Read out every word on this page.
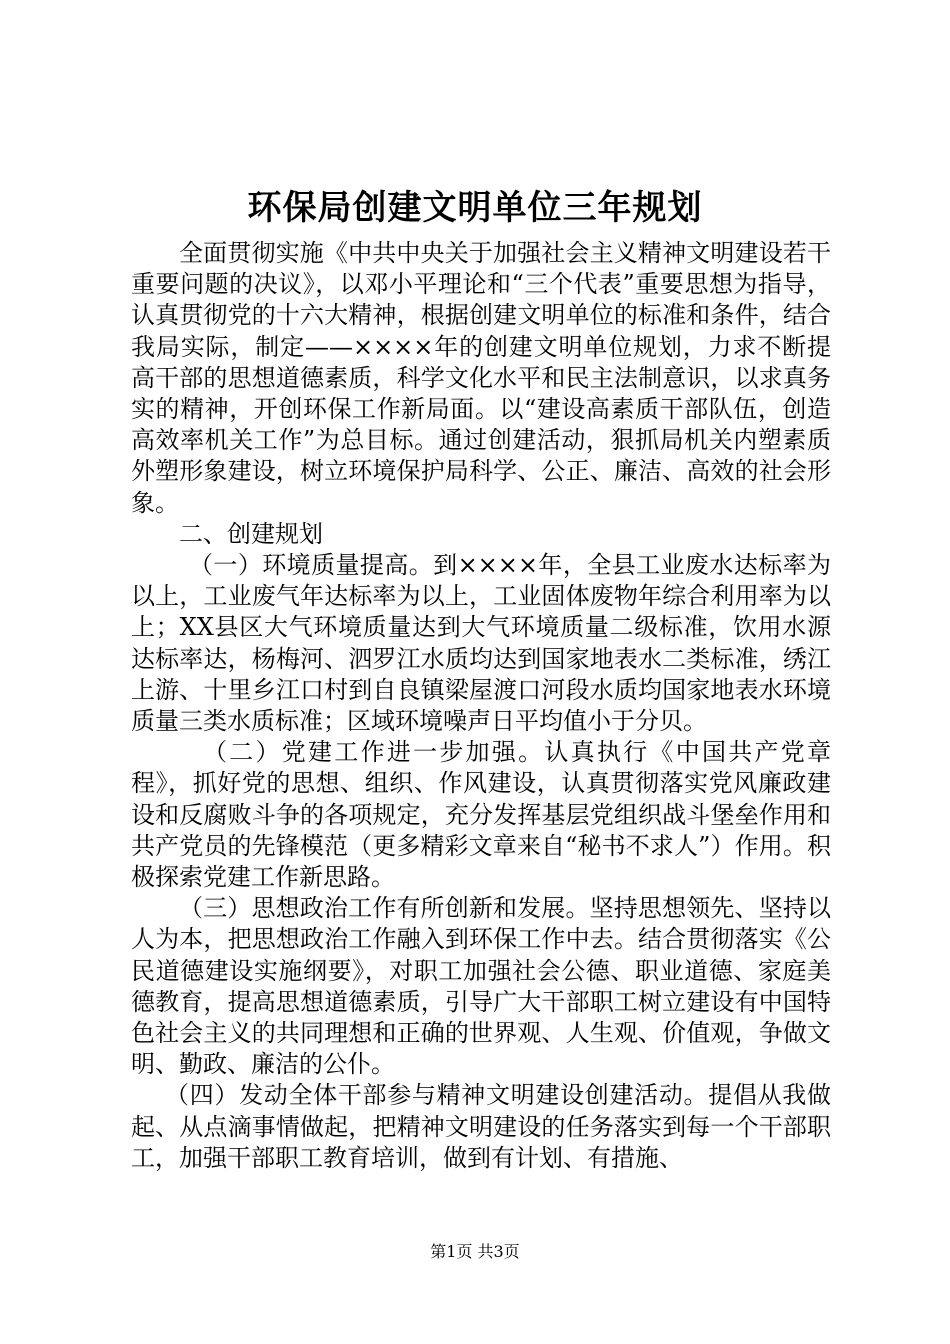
环保局创建文明单位三年规划

全面贯彻实施《中共中央关于加强社会主义精神文明建设若干重要问题的决议》，以邓小平理论和“三个代表”重要思想为指导，认真贯彻党的十六大精神，根据创建文明单位的标准和条件，结合我局实际，制定——××××年的创建文明单位规划，力求不断提高干部的思想道德素质，科学文化水平和民主法制意识，以求真务实的精神，开创环保工作新局面。以“建设高素质干部队伍，创造高效率机关工作”为总目标。通过创建活动，狠抓局机关内塑素质外塑形象建设，树立环境保护局科学、公正、廉洁、高效的社会形象。

二、创建规划

（一）环境质量提高。到××××年，全县工业废水达标率为以上，工业废气年达标率为以上，工业固体废物年综合利用率为以上；XX县区大气环境质量达到大气环境质量二级标准，饮用水源达标率达，杨梅河、泗罗江水质均达到国家地表水二类标准，绣江上游、十里乡江口村到自良镇梁屋渡口河段水质均国家地表水环境质量三类水质标准；区域环境噪声日平均值小于分贝。

（二）党建工作进一步加强。认真执行《中国共产党章程》，抓好党的思想、组织、作风建设，认真贯彻落实党风廉政建设和反腐败斗争的各项规定，充分发挥基层党组织战斗堡垒作用和共产党员的先锋模范（更多精彩文章来自“秘书不求人”）作用。积极探索党建工作新思路。

（三）思想政治工作有所创新和发展。坚持思想领先、坚持以人为本，把思想政治工作融入到环保工作中去。结合贯彻落实《公民道德建设实施纲要》，对职工加强社会公德、职业道德、家庭美德教育，提高思想道德素质，引导广大干部职工树立建设有中国特色社会主义的共同理想和正确的世界观、人生观、价值观，争做文明、勤政、廉洁的公仆。

（四）发动全体干部参与精神文明建设创建活动。提倡从我做起、从点滴事情做起，把精神文明建设的任务落实到每一个干部职工，加强干部职工教育培训，做到有计划、有措施、

第1页 共3页
